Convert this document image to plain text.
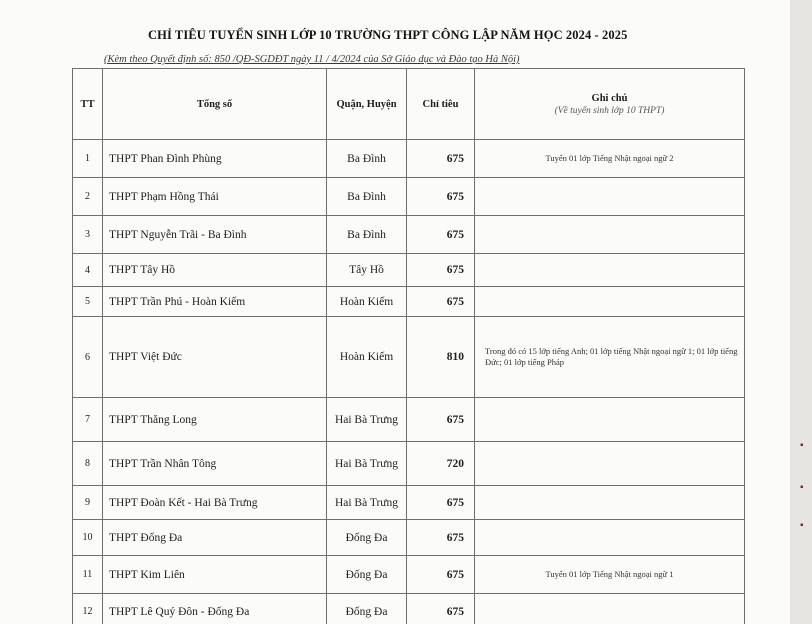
CHỈ TIÊU TUYỂN SINH LỚP 10 TRƯỜNG THPT CÔNG LẬP NĂM HỌC 2024 - 2025
(Kèm theo Quyết định số: 850 /QĐ-SGDĐT ngày 11 / 4/2024 của Sở Giáo dục và Đào tạo Hà Nội)
TT	Tổng số	Quận, Huyện	Chỉ tiêu	Ghi chú
(Về tuyển sinh lớp 10 THPT)

1	THPT Phan Đình Phùng	Ba Đình	675	Tuyển 01 lớp Tiếng Nhật ngoại ngữ 2
2	THPT Phạm Hồng Thái	Ba Đình	675	
3	THPT Nguyễn Trãi - Ba Đình	Ba Đình	675	
4	THPT Tây Hồ	Tây Hồ	675	
5	THPT Trần Phú - Hoàn Kiếm	Hoàn Kiếm	675	
6	THPT Việt Đức	Hoàn Kiếm	810	Trong đó có 15 lớp tiếng Anh; 01 lớp tiếng Nhật ngoại ngữ 1; 01 lớp tiếng Đức; 01 lớp tiếng Pháp
7	THPT Thăng Long	Hai Bà Trưng	675	
8	THPT Trần Nhân Tông	Hai Bà Trưng	720	
9	THPT Đoàn Kết - Hai Bà Trưng	Hai Bà Trưng	675	
10	THPT Đống Đa	Đống Đa	675	
11	THPT Kim Liên	Đống Đa	675	Tuyển 01 lớp Tiếng Nhật ngoại ngữ 1
12	THPT Lê Quý Đôn - Đống Đa	Đống Đa	675	
▪
▪
▪
